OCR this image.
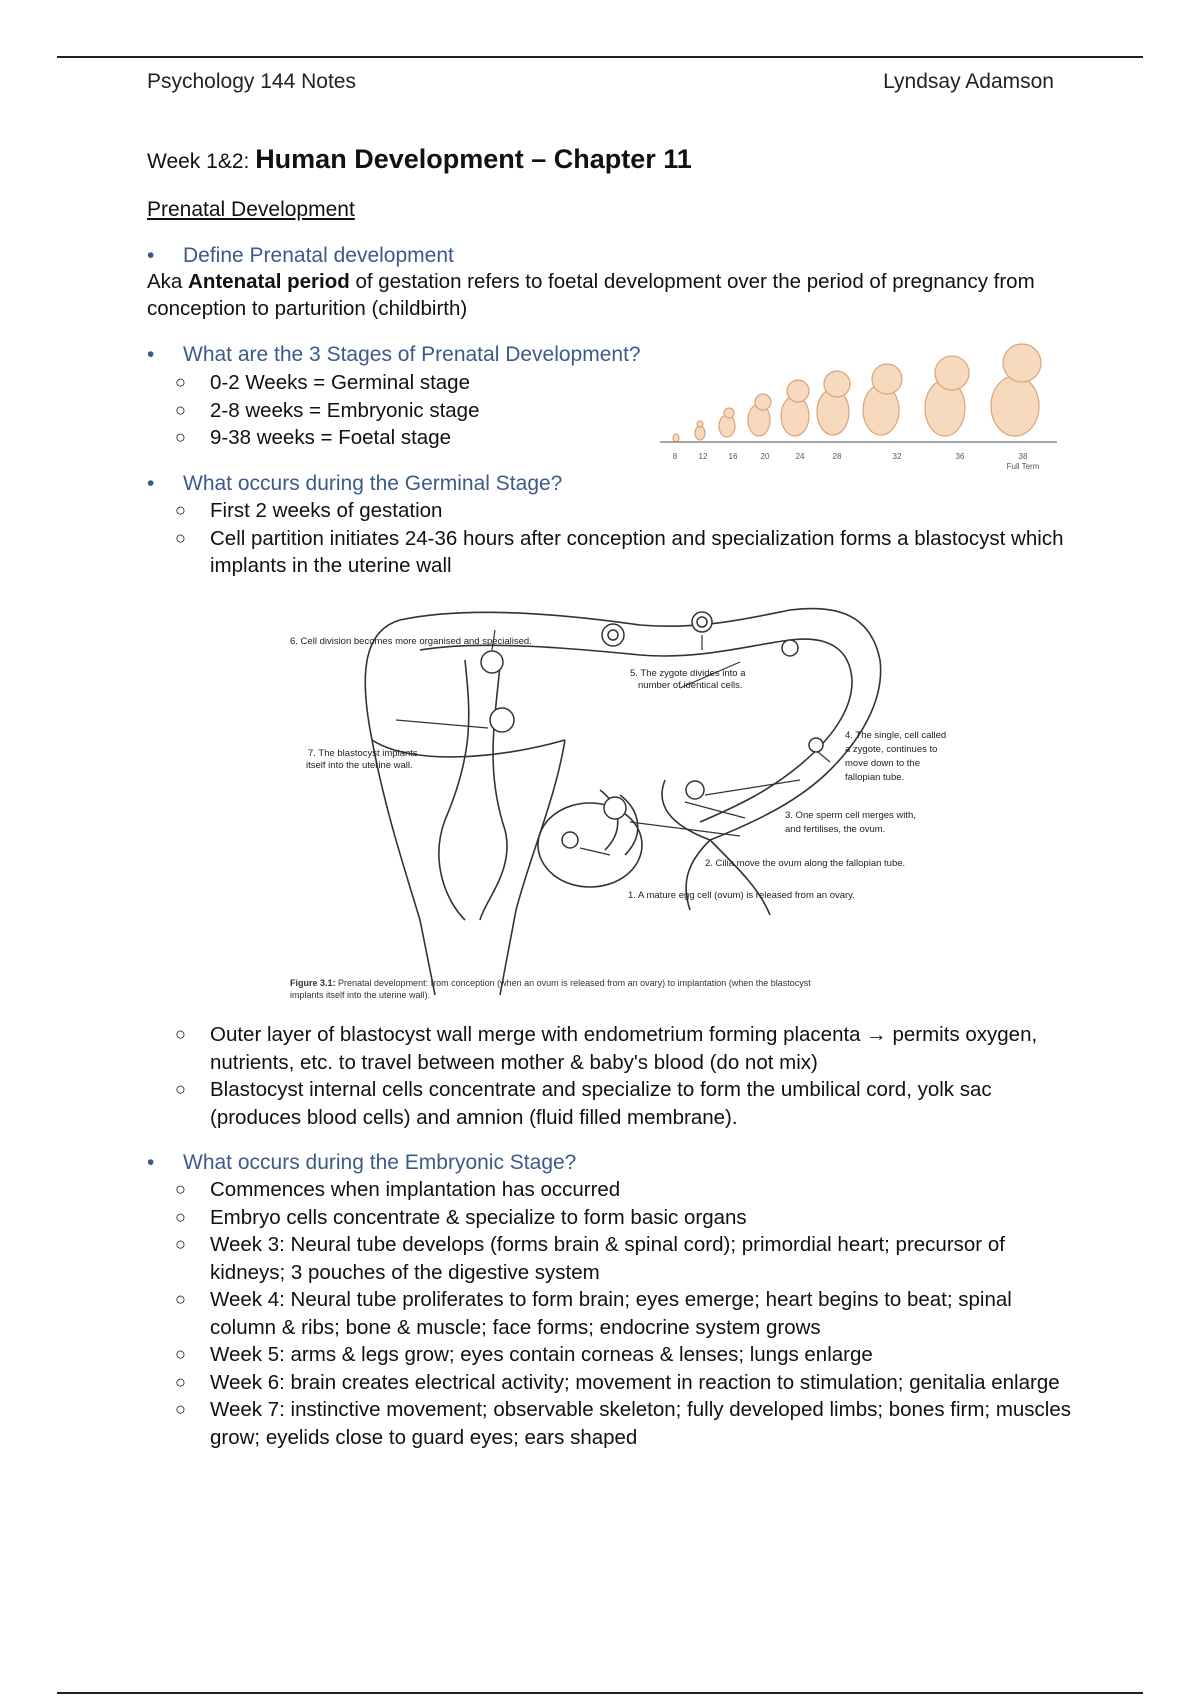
Psychology 144 Notes	Lyndsay Adamson
Week 1&2: Human Development – Chapter 11
Prenatal Development
• Define Prenatal development
Aka Antenatal period of gestation refers to foetal development over the period of pregnancy from conception to parturition (childbirth)
• What are the 3 Stages of Prenatal Development?
○ 0-2 Weeks = Germinal stage
○ 2-8 weeks = Embryonic stage
○ 9-38 weeks = Foetal stage
• What occurs during the Germinal Stage?
○ First 2 weeks of gestation
○ Cell partition initiates 24-36 hours after conception and specialization forms a blastocyst which implants in the uterine wall
○ Outer layer of blastocyst wall merge with endometrium forming placenta → permits oxygen, nutrients, etc. to travel between mother & baby's blood (do not mix)
○ Blastocyst internal cells concentrate and specialize to form the umbilical cord, yolk sac (produces blood cells) and amnion (fluid filled membrane).
• What occurs during the Embryonic Stage?
○ Commences when implantation has occurred
○ Embryo cells concentrate & specialize to form basic organs
○ Week 3: Neural tube develops (forms brain & spinal cord); primordial heart; precursor of kidneys; 3 pouches of the digestive system
○ Week 4: Neural tube proliferates to form brain; eyes emerge; heart begins to beat; spinal column & ribs; bone & muscle; face forms; endocrine system grows
○ Week 5: arms & legs grow; eyes contain corneas & lenses; lungs enlarge
○ Week 6: brain creates electrical activity; movement in reaction to stimulation; genitalia enlarge
○ Week 7: instinctive movement; observable skeleton; fully developed limbs; bones firm; muscles grow; eyelids close to guard eyes; ears shaped
8	12	16	20	24	28	32	36	38
Full Term
6. Cell division becomes more organised and specialised.
5. The zygote divides into a
number of identical cells.
7. The blastocyst implants
itself into the uterine wall.
4. The single, cell called
a zygote, continues to
move down to the
fallopian tube.
3. One sperm cell merges with,
and fertilises, the ovum.
2. Cilia move the ovum along the fallopian tube.
1. A mature egg cell (ovum) is released from an ovary.
Figure 3.1: Prenatal development: from conception (when an ovum is released from an ovary) to implantation (when the blastocyst
implants itself into the uterine wall).
